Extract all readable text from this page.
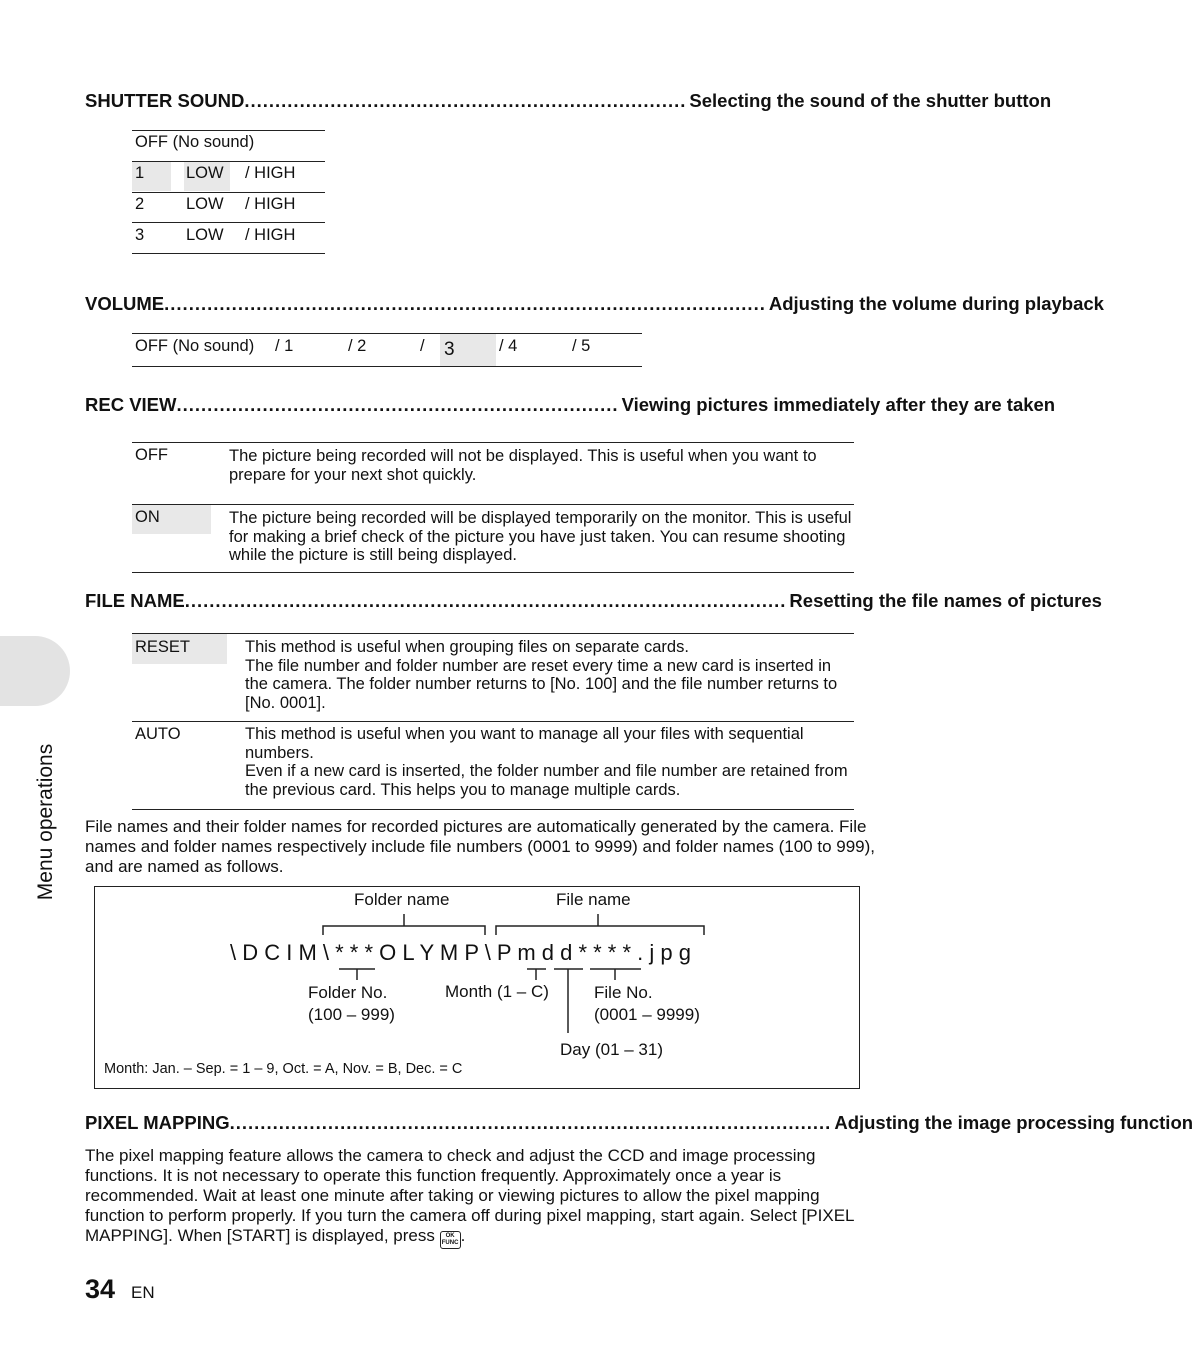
Menu operations
SHUTTER SOUND ........................................................................ Selecting the sound of the shutter button
OFF (No sound)
1	LOW / HIGH
2	LOW / HIGH
3	LOW / HIGH
VOLUME .................................................................................................. Adjusting the volume during playback
OFF (No sound) / 1	/ 2	/ 3	/ 4	/ 5
REC VIEW ........................................................................ Viewing pictures immediately after they are taken
OFF	The picture being recorded will not be displayed. This is useful when you want to prepare for your next shot quickly.
ON	The picture being recorded will be displayed temporarily on the monitor. This is useful for making a brief check of the picture you have just taken. You can resume shooting while the picture is still being displayed.
FILE NAME .................................................................................................. Resetting the file names of pictures
RESET	This method is useful when grouping files on separate cards.
The file number and folder number are reset every time a new card is inserted in the camera. The folder number returns to [No. 100] and the file number returns to [No. 0001].
AUTO	This method is useful when you want to manage all your files with sequential numbers.
Even if a new card is inserted, the folder number and file number are retained from the previous card. This helps you to manage multiple cards.
File names and their folder names for recorded pictures are automatically generated by the camera. File names and folder names respectively include file numbers (0001 to 9999) and folder names (100 to 999), and are named as follows.
Folder name	File name
\ D C I M \ * * * O L Y M P \ P m d d * * * * . j p g
Folder No.
(100 – 999)
Month (1 – C)	File No.
(0001 – 9999)
Day (01 – 31)
Month: Jan. – Sep. = 1 – 9, Oct. = A, Nov. = B, Dec. = C
PIXEL MAPPING .................................................................................................. Adjusting the image processing function
The pixel mapping feature allows the camera to check and adjust the CCD and image processing functions. It is not necessary to operate this function frequently. Approximately once a year is recommended. Wait at least one minute after taking or viewing pictures to allow the pixel mapping function to perform properly. If you turn the camera off during pixel mapping, start again. Select [PIXEL MAPPING]. When [START] is displayed, press OK
FUNC .
34 EN
